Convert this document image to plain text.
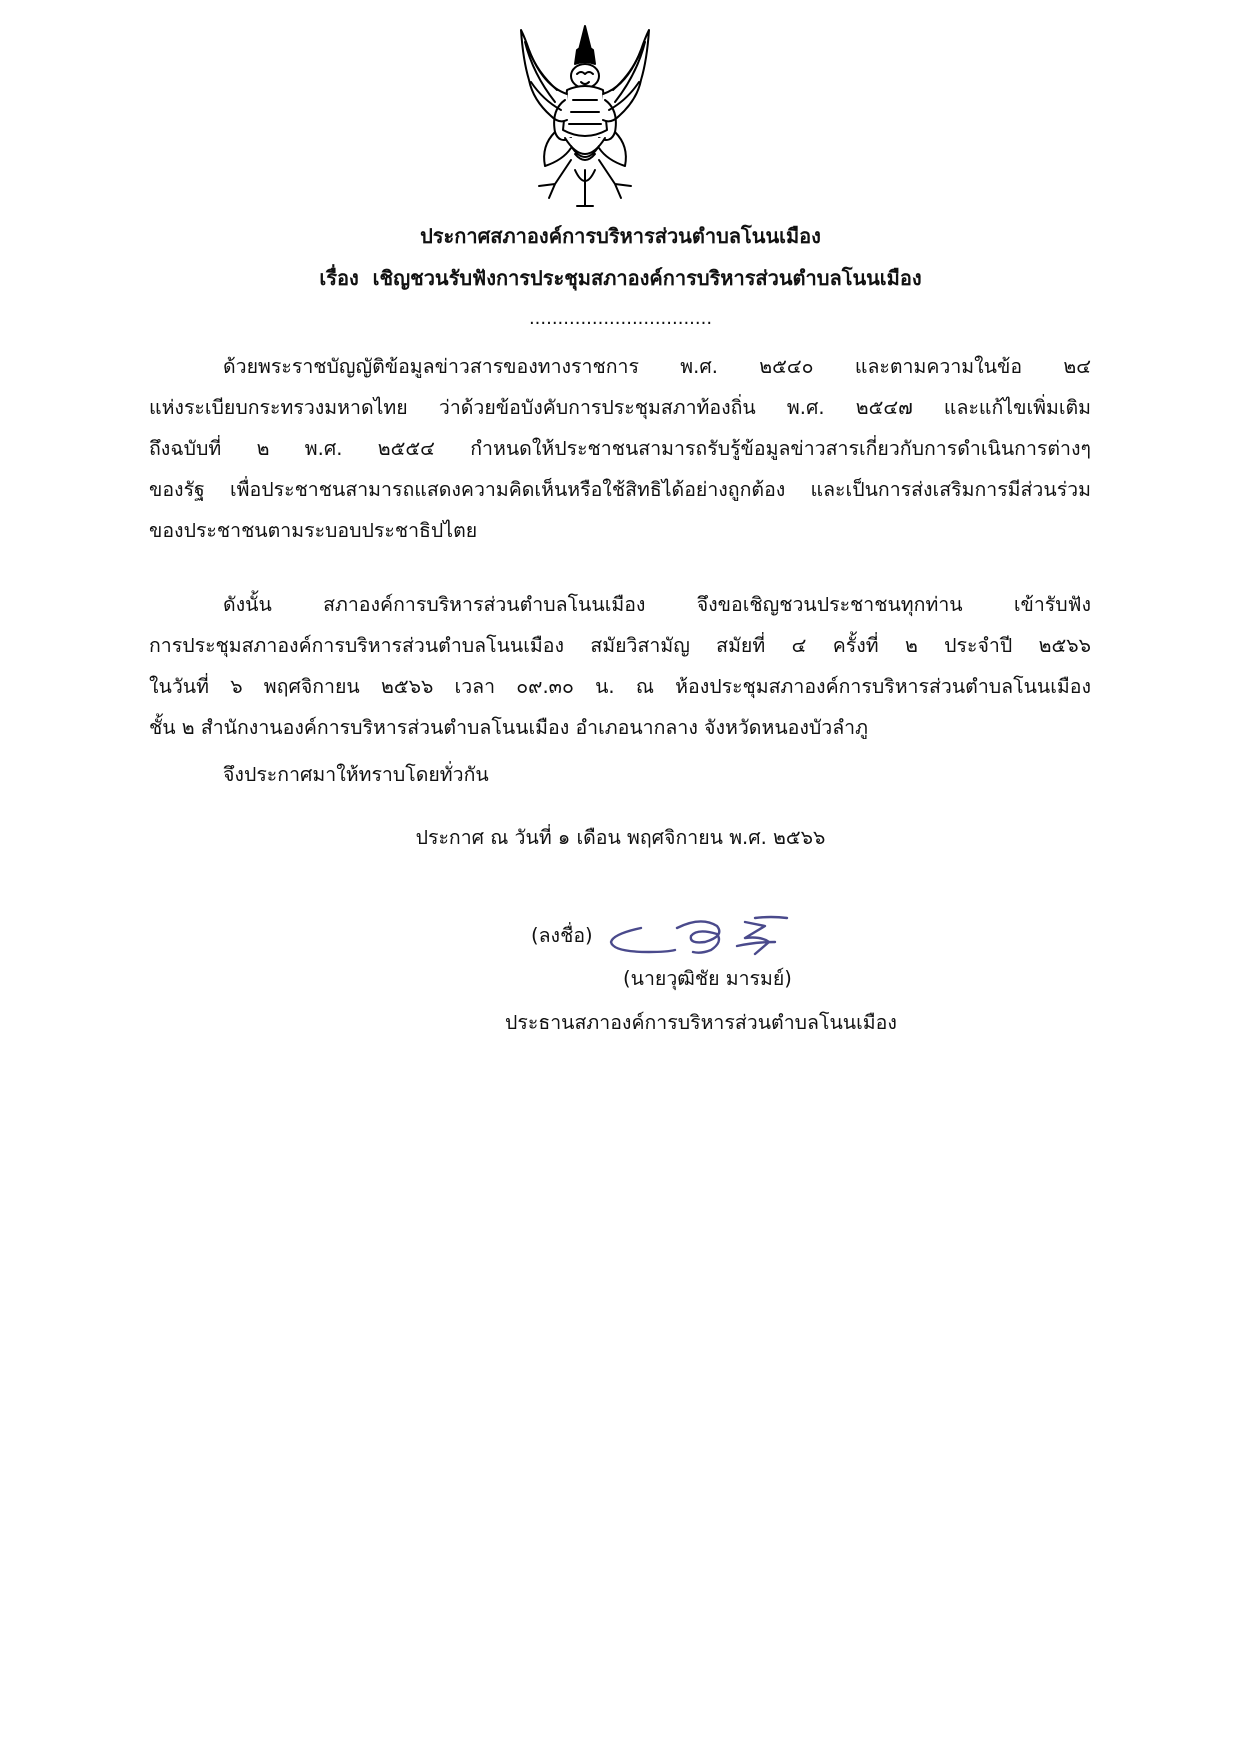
ประกาศสภาองค์การบริหารส่วนตำบลโนนเมือง
เรื่อง เชิญชวนรับฟังการประชุมสภาองค์การบริหารส่วนตำบลโนนเมือง
................................
ด้วยพระราชบัญญัติข้อมูลข่าวสารของทางราชการ พ.ศ. ๒๕๔๐ และตามความในข้อ ๒๔
แห่งระเบียบกระทรวงมหาดไทย ว่าด้วยข้อบังคับการประชุมสภาท้องถิ่น พ.ศ. ๒๕๔๗ และแก้ไขเพิ่มเติม
ถึงฉบับที่ ๒ พ.ศ. ๒๕๕๔ กำหนดให้ประชาชนสามารถรับรู้ข้อมูลข่าวสารเกี่ยวกับการดำเนินการต่างๆ
ของรัฐ เพื่อประชาชนสามารถแสดงความคิดเห็นหรือใช้สิทธิได้อย่างถูกต้อง และเป็นการส่งเสริมการมีส่วนร่วม
ของประชาชนตามระบอบประชาธิปไตย
ดังนั้น สภาองค์การบริหารส่วนตำบลโนนเมือง จึงขอเชิญชวนประชาชนทุกท่าน เข้ารับฟัง
การประชุมสภาองค์การบริหารส่วนตำบลโนนเมือง สมัยวิสามัญ สมัยที่ ๔ ครั้งที่ ๒ ประจำปี ๒๕๖๖
ในวันที่ ๖ พฤศจิกายน ๒๕๖๖ เวลา ๐๙.๓๐ น. ณ ห้องประชุมสภาองค์การบริหารส่วนตำบลโนนเมือง
ชั้น ๒ สำนักงานองค์การบริหารส่วนตำบลโนนเมือง อำเภอนากลาง จังหวัดหนองบัวลำภู
จึงประกาศมาให้ทราบโดยทั่วกัน
ประกาศ ณ วันที่ ๑ เดือน พฤศจิกายน พ.ศ. ๒๕๖๖
(ลงชื่อ)
(นายวุฒิชัย มารมย์)
ประธานสภาองค์การบริหารส่วนตำบลโนนเมือง
